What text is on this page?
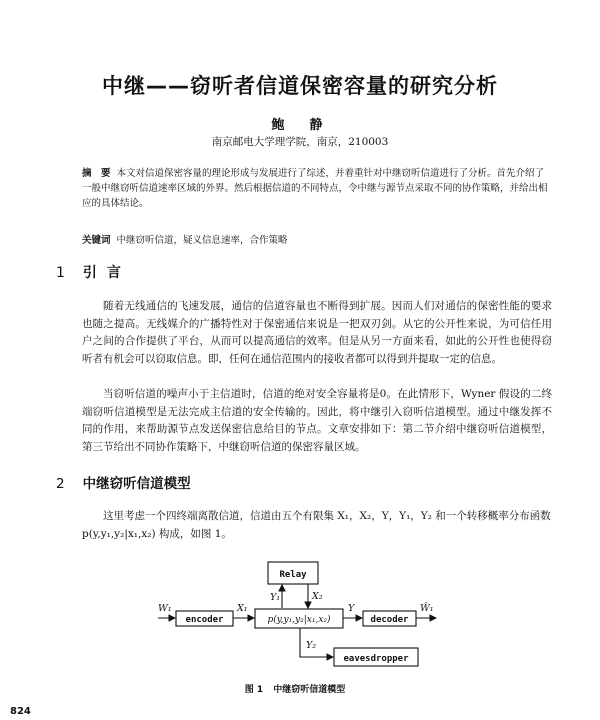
中继——窃听者信道保密容量的研究分析
鲍　静
南京邮电大学理学院，南京，210003
摘　要 本文对信道保密容量的理论形成与发展进行了综述，并着重针对中继窃听信道进行了分析。首先介绍了一般中继窃听信道速率区域的外界。然后根据信道的不同特点，令中继与源节点采取不同的协作策略，并给出相应的具体结论。
关键词 中继窃听信道，疑义信息速率，合作策略
1 引言
随着无线通信的飞速发展，通信的信道容量也不断得到扩展。因而人们对通信的保密性能的要求也随之提高。无线媒介的广播特性对于保密通信来说是一把双刃剑。从它的公开性来说，为可信任用户之间的合作提供了平台，从而可以提高通信的效率。但是从另一方面来看，如此的公开性也使得窃听者有机会可以窃取信息。即，任何在通信范围内的接收者都可以得到并提取一定的信息。
当窃听信道的噪声小于主信道时，信道的绝对安全容量将是0。在此情形下，Wyner 假设的二终端窃听信道模型是无法完成主信道的安全传输的。因此，将中继引入窃听信道模型。通过中继发挥不同的作用，来帮助源节点发送保密信息给目的节点。文章安排如下：第二节介绍中继窃听信道模型，第三节给出不同协作策略下，中继窃听信道的保密容量区域。
2 中继窃听信道模型
这里考虑一个四终端离散信道，信道由五个有限集 X₁，X₂，Y，Y₁，Y₂ 和一个转移概率分布函数 p(y,y₁,y₂|x₁,x₂) 构成，如图 1。
Relay
encoder	p(y,y₁,y₂|x₁,x₂)	decoder
eavesdropper
W₁	X₁	Y	Ŵ₁
Y₁	X₂
Y₂
图 1 中继窃听信道模型
824
